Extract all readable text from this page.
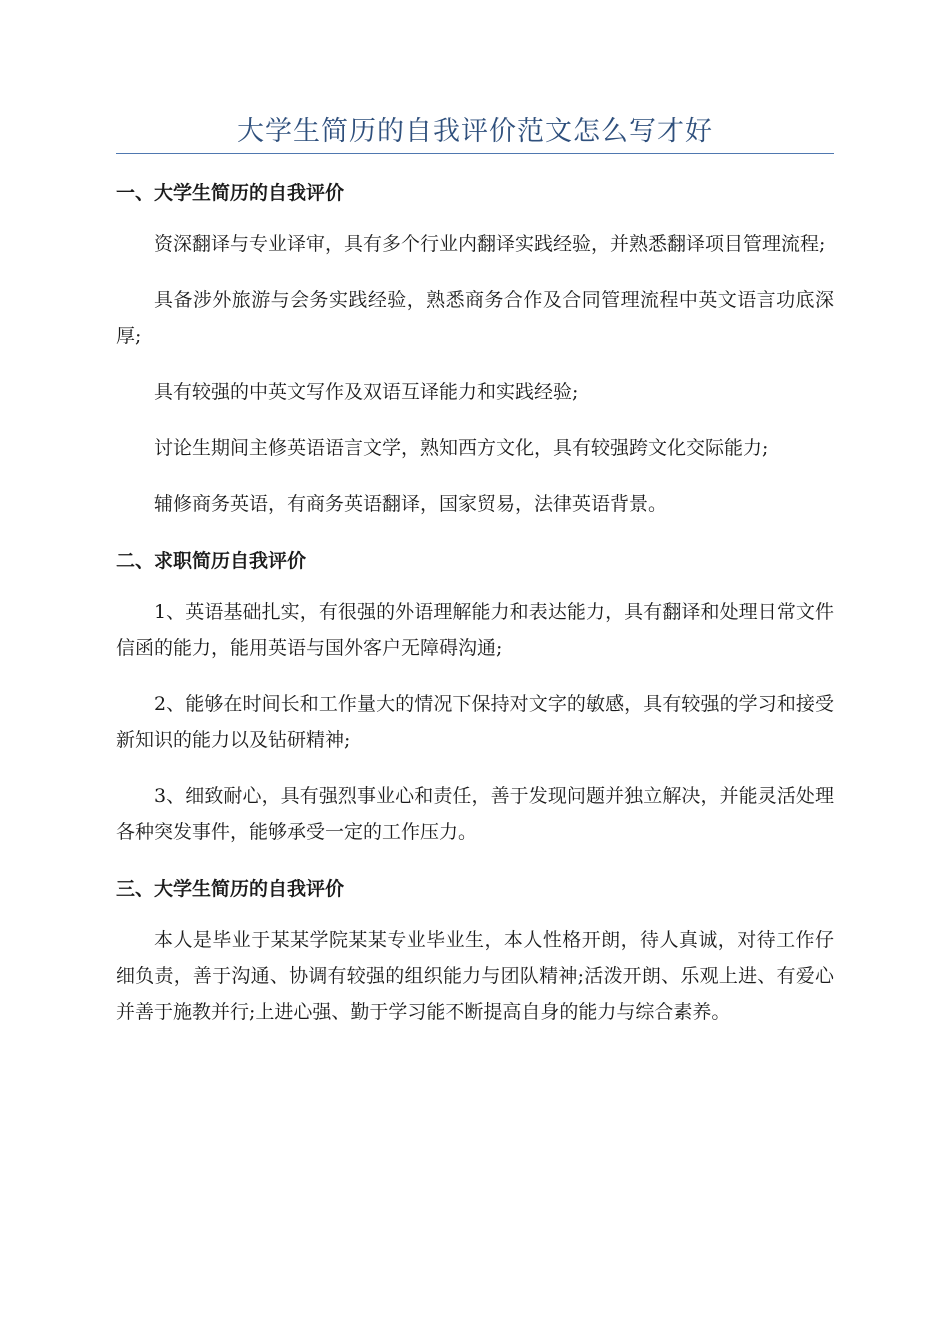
大学生简历的自我评价范文怎么写才好
一、大学生简历的自我评价

资深翻译与专业译审，具有多个行业内翻译实践经验，并熟悉翻译项目管理流程;

具备涉外旅游与会务实践经验，熟悉商务合作及合同管理流程中英文语言功底深厚;

具有较强的中英文写作及双语互译能力和实践经验;

讨论生期间主修英语语言文学，熟知西方文化，具有较强跨文化交际能力;

辅修商务英语，有商务英语翻译，国家贸易，法律英语背景。

二、求职简历自我评价

1、英语基础扎实，有很强的外语理解能力和表达能力，具有翻译和处理日常文件信函的能力，能用英语与国外客户无障碍沟通;

2、能够在时间长和工作量大的情况下保持对文字的敏感，具有较强的学习和接受新知识的能力以及钻研精神;

3、细致耐心，具有强烈事业心和责任，善于发现问题并独立解决，并能灵活处理各种突发事件，能够承受一定的工作压力。

三、大学生简历的自我评价

本人是毕业于某某学院某某专业毕业生，本人性格开朗，待人真诚，对待工作仔细负责，善于沟通、协调有较强的组织能力与团队精神;活泼开朗、乐观上进、有爱心并善于施教并行;上进心强、勤于学习能不断提高自身的能力与综合素养。
